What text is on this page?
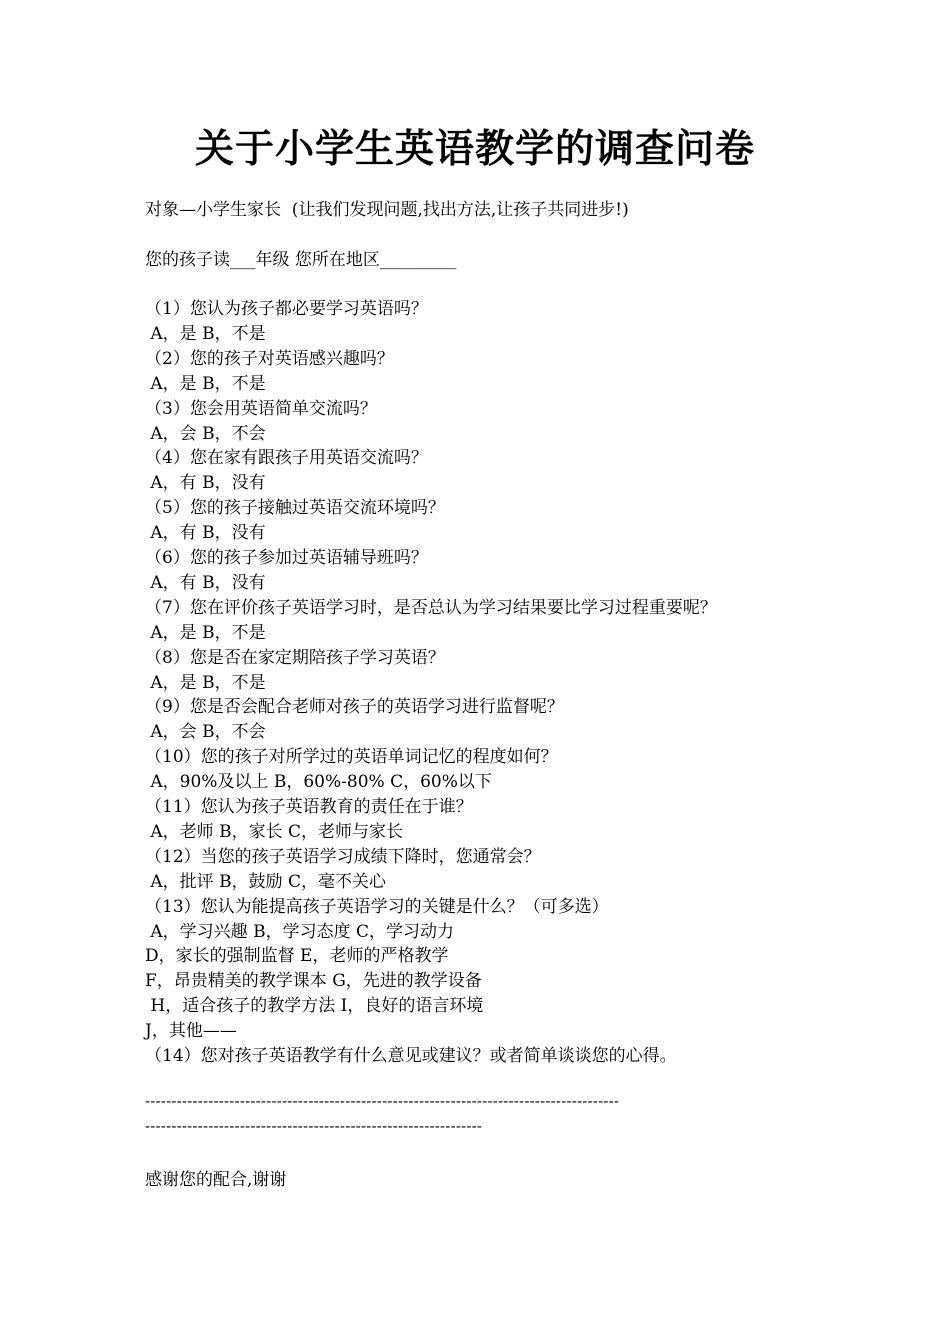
关于小学生英语教学的调查问卷
对象—小学生家长  (让我们发现问题,找出方法,让孩子共同进步!)
您的孩子读___年级 您所在地区_________
（1）您认为孩子都必要学习英语吗？
A，是 B，不是
（2）您的孩子对英语感兴趣吗？
A，是 B，不是
（3）您会用英语简单交流吗？
A，会 B，不会
（4）您在家有跟孩子用英语交流吗？
A，有 B，没有
（5）您的孩子接触过英语交流环境吗？
A，有 B，没有
（6）您的孩子参加过英语辅导班吗？
A，有 B，没有
（7）您在评价孩子英语学习时，是否总认为学习结果要比学习过程重要呢？
A，是 B，不是
（8）您是否在家定期陪孩子学习英语？
A，是 B，不是
（9）您是否会配合老师对孩子的英语学习进行监督呢？
A，会 B，不会
（10）您的孩子对所学过的英语单词记忆的程度如何？
A，90%及以上 B，60%-80% C，60%以下
（11）您认为孩子英语教育的责任在于谁？
A，老师 B，家长 C，老师与家长
（12）当您的孩子英语学习成绩下降时，您通常会？
A，批评 B，鼓励 C，毫不关心
（13）您认为能提高孩子英语学习的关键是什么？（可多选）
A，学习兴趣 B，学习态度 C，学习动力
D，家长的强制监督 E，老师的严格教学
F，昂贵精美的教学课本 G，先进的教学设备
H，适合孩子的教学方法 I，良好的语言环境
J，其他——
（14）您对孩子英语教学有什么意见或建议？或者简单谈谈您的心得。
------------------------------------------------------------------------------------------
----------------------------------------------------------------
感谢您的配合,谢谢
